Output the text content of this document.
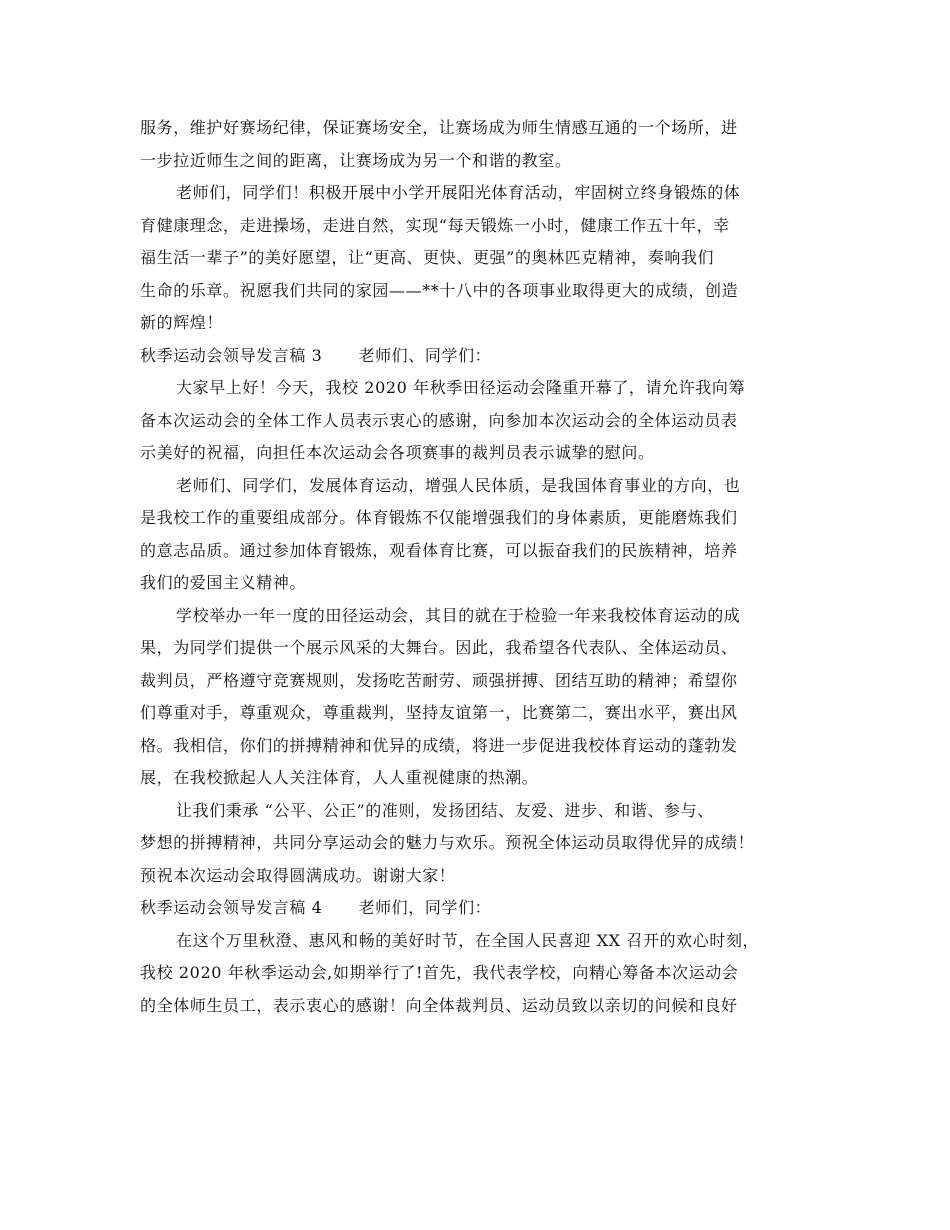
服务，维护好赛场纪律，保证赛场安全，让赛场成为师生情感互通的一个场所，进
一步拉近师生之间的距离，让赛场成为另一个和谐的教室。
老师们，同学们！积极开展中小学开展阳光体育活动，牢固树立终身锻炼的体
育健康理念，走进操场，走进自然，实现“每天锻炼一小时，健康工作五十年，幸
福生活一辈子”的美好愿望，让“更高、更快、更强”的奥林匹克精神，奏响我们
生命的乐章。祝愿我们共同的家园——**十八中的各项事业取得更大的成绩，创造
新的辉煌！
秋季运动会领导发言稿 3 老师们、同学们：
大家早上好！今天，我校 2020 年秋季田径运动会隆重开幕了，请允许我向筹
备本次运动会的全体工作人员表示衷心的感谢，向参加本次运动会的全体运动员表
示美好的祝福，向担任本次运动会各项赛事的裁判员表示诚挚的慰问。
老师们、同学们，发展体育运动，增强人民体质，是我国体育事业的方向，也
是我校工作的重要组成部分。体育锻炼不仅能增强我们的身体素质，更能磨炼我们
的意志品质。通过参加体育锻炼，观看体育比赛，可以振奋我们的民族精神，培养
我们的爱国主义精神。
学校举办一年一度的田径运动会，其目的就在于检验一年来我校体育运动的成
果，为同学们提供一个展示风采的大舞台。因此，我希望各代表队、全体运动员、
裁判员，严格遵守竞赛规则，发扬吃苦耐劳、顽强拼搏、团结互助的精神；希望你
们尊重对手，尊重观众，尊重裁判，坚持友谊第一，比赛第二，赛出水平，赛出风
格。我相信，你们的拼搏精神和优异的成绩，将进一步促进我校体育运动的蓬勃发
展，在我校掀起人人关注体育，人人重视健康的热潮。
让我们秉承 “公平、公正”的准则，发扬团结、友爱、进步、和谐、参与、
梦想的拼搏精神，共同分享运动会的魅力与欢乐。预祝全体运动员取得优异的成绩！
预祝本次运动会取得圆满成功。谢谢大家！
秋季运动会领导发言稿 4 老师们，同学们：
在这个万里秋澄、惠风和畅的美好时节，在全国人民喜迎 XX 召开的欢心时刻，
我校 2020 年秋季运动会,如期举行了!首先，我代表学校，向精心筹备本次运动会
的全体师生员工，表示衷心的感谢！向全体裁判员、运动员致以亲切的问候和良好
